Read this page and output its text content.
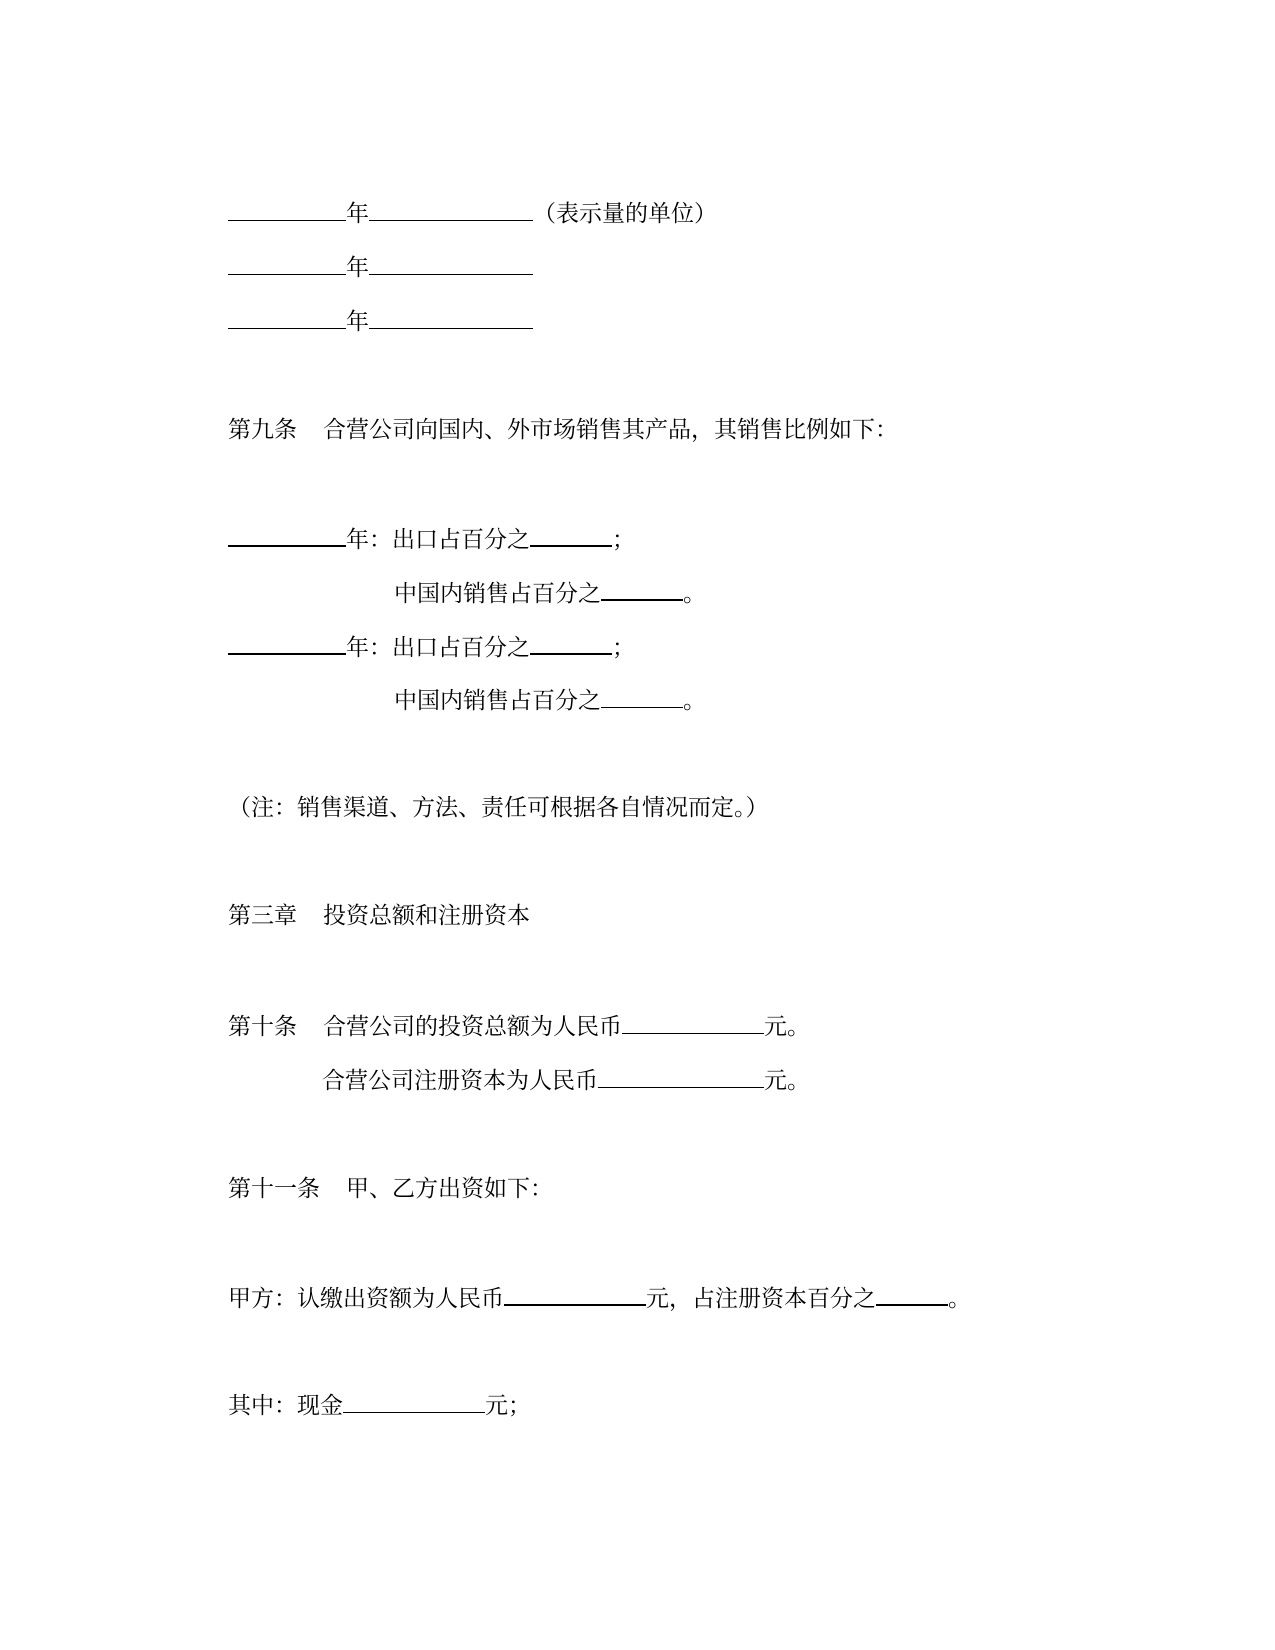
年	（表示量的单位）
年
年
第九条 合营公司向国内、外市场销售其产品，其销售比例如下：
年：出口占百分之	；
中国内销售占百分之	。
年：出口占百分之	；
中国内销售占百分之	。
（注：销售渠道、方法、责任可根据各自情况而定。）
第三章 投资总额和注册资本
第十条 合营公司的投资总额为人民币	元。
合营公司注册资本为人民币	元。
第十一条 甲、乙方出资如下：
甲方：认缴出资额为人民币	元，占注册资本百分之	。
其中：现金	元；
